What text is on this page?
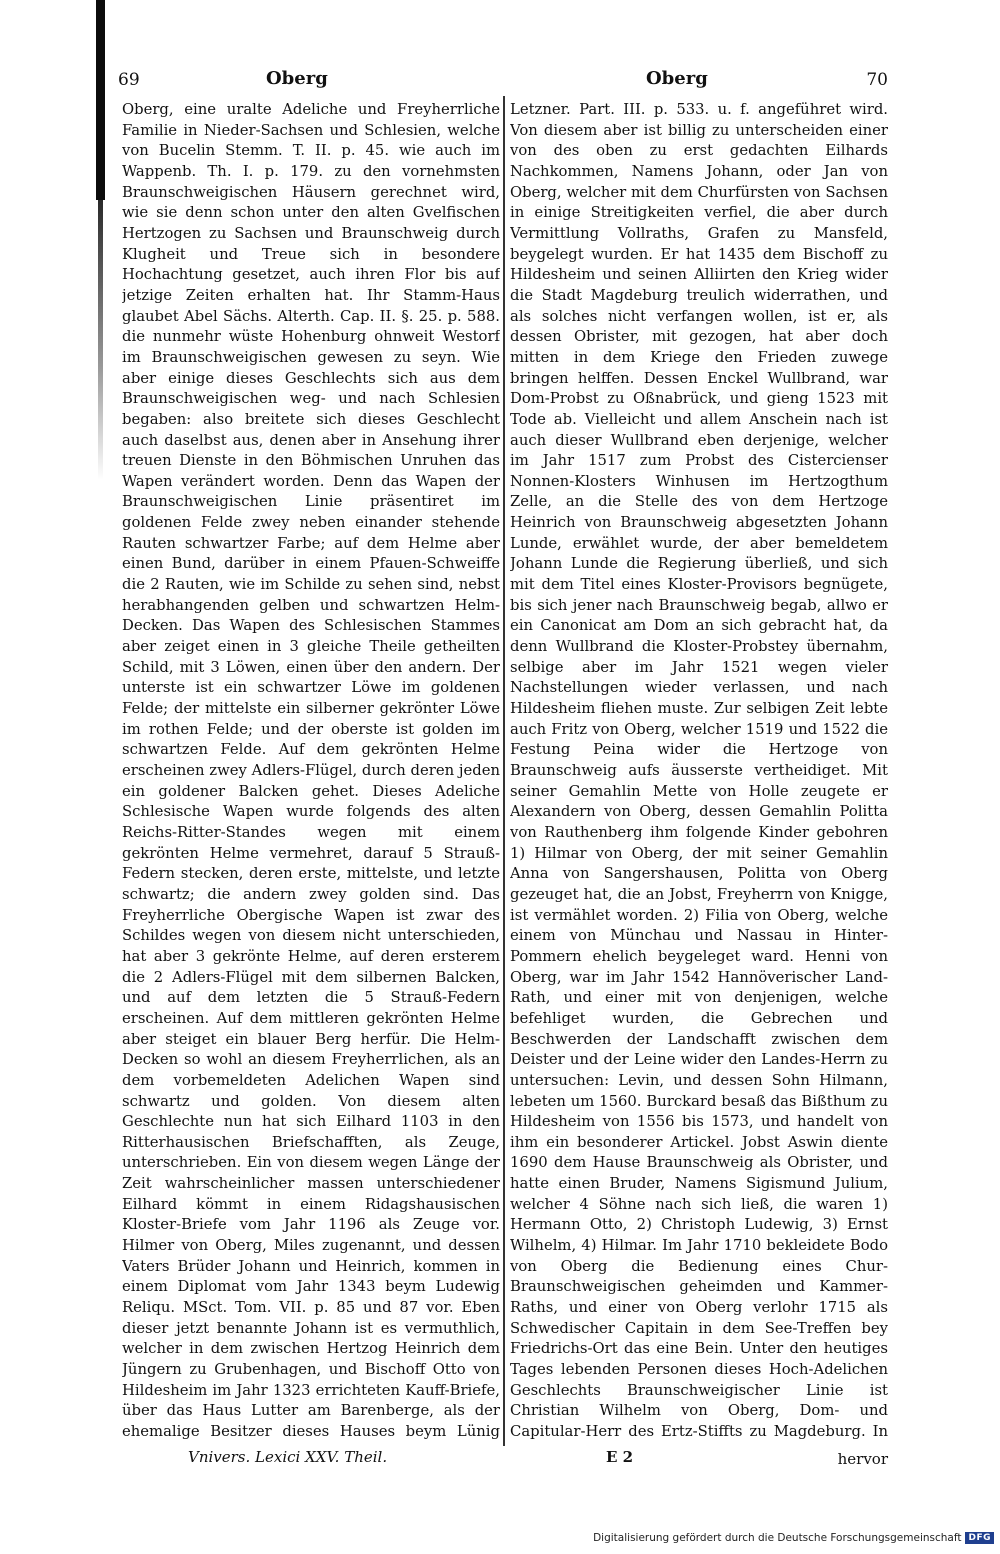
69	Oberg	Oberg	70

Oberg, eine uralte Adeliche und Freyherrliche Familie in Nieder-Sachsen und Schlesien, welche von Bucelin Stemm. T. II. p. 45. wie auch im Wappenb. Th. I. p. 179. zu den vornehmsten Braunschweigischen Häusern gerechnet wird, wie sie denn schon unter den alten Gvelfischen Hertzogen zu Sachsen und Braunschweig durch Klugheit und Treue sich in besondere Hochachtung gesetzet, auch ihren Flor bis auf jetzige Zeiten erhalten hat. Ihr Stamm-Haus glaubet Abel Sächs. Alterth. Cap. II. §. 25. p. 588. die nunmehr wüste Hohenburg ohnweit Westorf im Braunschweigischen gewesen zu seyn. Wie aber einige dieses Geschlechts sich aus dem Braunschweigischen weg- und nach Schlesien begaben: also breitete sich dieses Geschlecht auch daselbst aus, denen aber in Ansehung ihrer treuen Dienste in den Böhmischen Unruhen das Wapen verändert worden. Denn das Wapen der Braunschweigischen Linie präsentiret im goldenen Felde zwey neben einander stehende Rauten schwartzer Farbe; auf dem Helme aber einen Bund, darüber in einem Pfauen-Schweiffe die 2 Rauten, wie im Schilde zu sehen sind, nebst herabhangenden gelben und schwartzen Helm-Decken. Das Wapen des Schlesischen Stammes aber zeiget einen in 3 gleiche Theile getheilten Schild, mit 3 Löwen, einen über den andern. Der unterste ist ein schwartzer Löwe im goldenen Felde; der mittelste ein silberner gekrönter Löwe im rothen Felde; und der oberste ist golden im schwartzen Felde. Auf dem gekrönten Helme erscheinen zwey Adlers-Flügel, durch deren jeden ein goldener Balcken gehet. Dieses Adeliche Schlesische Wapen wurde folgends des alten Reichs-Ritter-Standes wegen mit einem gekrönten Helme vermehret, darauf 5 Strauß-Federn stecken, deren erste, mittelste, und letzte schwartz; die andern zwey golden sind. Das Freyherrliche Obergische Wapen ist zwar des Schildes wegen von diesem nicht unterschieden, hat aber 3 gekrönte Helme, auf deren ersterem die 2 Adlers-Flügel mit dem silbernen Balcken, und auf dem letzten die 5 Strauß-Federn erscheinen. Auf dem mittleren gekrönten Helme aber steiget ein blauer Berg herfür. Die Helm-Decken so wohl an diesem Freyherrlichen, als an dem vorbemeldeten Adelichen Wapen sind schwartz und golden. Von diesem alten Geschlechte nun hat sich Eilhard 1103 in den Ritterhausischen Briefschafften, als Zeuge, unterschrieben. Ein von diesem wegen Länge der Zeit wahrscheinlicher massen unterschiedener Eilhard kömmt in einem Ridagshausischen Kloster-Briefe vom Jahr 1196 als Zeuge vor. Hilmer von Oberg, Miles zugenannt, und dessen Vaters Brüder Johann und Heinrich, kommen in einem Diplomat vom Jahr 1343 beym Ludewig Reliqu. MSct. Tom. VII. p. 85 und 87 vor. Eben dieser jetzt benannte Johann ist es vermuthlich, welcher in dem zwischen Hertzog Heinrich dem Jüngern zu Grubenhagen, und Bischoff Otto von Hildesheim im Jahr 1323 errichteten Kauff-Briefe, über das Haus Lutter am Barenberge, als der ehemalige Besitzer dieses Hauses beym Lünig

Letzner. Part. III. p. 533. u. f. angeführet wird. Von diesem aber ist billig zu unterscheiden einer von des oben zu erst gedachten Eilhards Nachkommen, Namens Johann, oder Jan von Oberg, welcher mit dem Churfürsten von Sachsen in einige Streitigkeiten verfiel, die aber durch Vermittlung Vollraths, Grafen zu Mansfeld, beygelegt wurden. Er hat 1435 dem Bischoff zu Hildesheim und seinen Alliirten den Krieg wider die Stadt Magdeburg treulich widerrathen, und als solches nicht verfangen wollen, ist er, als dessen Obrister, mit gezogen, hat aber doch mitten in dem Kriege den Frieden zuwege bringen helffen. Dessen Enckel Wullbrand, war Dom-Probst zu Oßnabrück, und gieng 1523 mit Tode ab. Vielleicht und allem Anschein nach ist auch dieser Wullbrand eben derjenige, welcher im Jahr 1517 zum Probst des Cistercienser Nonnen-Klosters Winhusen im Hertzogthum Zelle, an die Stelle des von dem Hertzoge Heinrich von Braunschweig abgesetzten Johann Lunde, erwählet wurde, der aber bemeldetem Johann Lunde die Regierung überließ, und sich mit dem Titel eines Kloster-Provisors begnügete, bis sich jener nach Braunschweig begab, allwo er ein Canonicat am Dom an sich gebracht hat, da denn Wullbrand die Kloster-Probstey übernahm, selbige aber im Jahr 1521 wegen vieler Nachstellungen wieder verlassen, und nach Hildesheim fliehen muste. Zur selbigen Zeit lebte auch Fritz von Oberg, welcher 1519 und 1522 die Festung Peina wider die Hertzoge von Braunschweig aufs äusserste vertheidiget. Mit seiner Gemahlin Mette von Holle zeugete er Alexandern von Oberg, dessen Gemahlin Politta von Rauthenberg ihm folgende Kinder gebohren 1) Hilmar von Oberg, der mit seiner Gemahlin Anna von Sangershausen, Politta von Oberg gezeuget hat, die an Jobst, Freyherrn von Knigge, ist vermählet worden. 2) Filia von Oberg, welche einem von Münchau und Nassau in Hinter-Pommern ehelich beygeleget ward. Henni von Oberg, war im Jahr 1542 Hannöverischer Land-Rath, und einer mit von denjenigen, welche befehliget wurden, die Gebrechen und Beschwerden der Landschafft zwischen dem Deister und der Leine wider den Landes-Herrn zu untersuchen: Levin, und dessen Sohn Hilmann, lebeten um 1560. Burckard besaß das Bißthum zu Hildesheim von 1556 bis 1573, und handelt von ihm ein besonderer Artickel. Jobst Aswin diente 1690 dem Hause Braunschweig als Obrister, und hatte einen Bruder, Namens Sigismund Julium, welcher 4 Söhne nach sich ließ, die waren 1) Hermann Otto, 2) Christoph Ludewig, 3) Ernst Wilhelm, 4) Hilmar. Im Jahr 1710 bekleidete Bodo von Oberg die Bedienung eines Chur-Braunschweigischen geheimden und Kammer-Raths, und einer von Oberg verlohr 1715 als Schwedischer Capitain in dem See-Treffen bey Friedrichs-Ort das eine Bein. Unter den heutiges Tages lebenden Personen dieses Hoch-Adelichen Geschlechts Braunschweigischer Linie ist Christian Wilhelm von Oberg, Dom- und Capitular-Herr des Ertz-Stiffts zu Magdeburg. In

Vnivers. Lexici XXV. Theil.	E 2	hervor
Digitalisierung gefördert durch die Deutsche Forschungsgemeinschaft DFG
